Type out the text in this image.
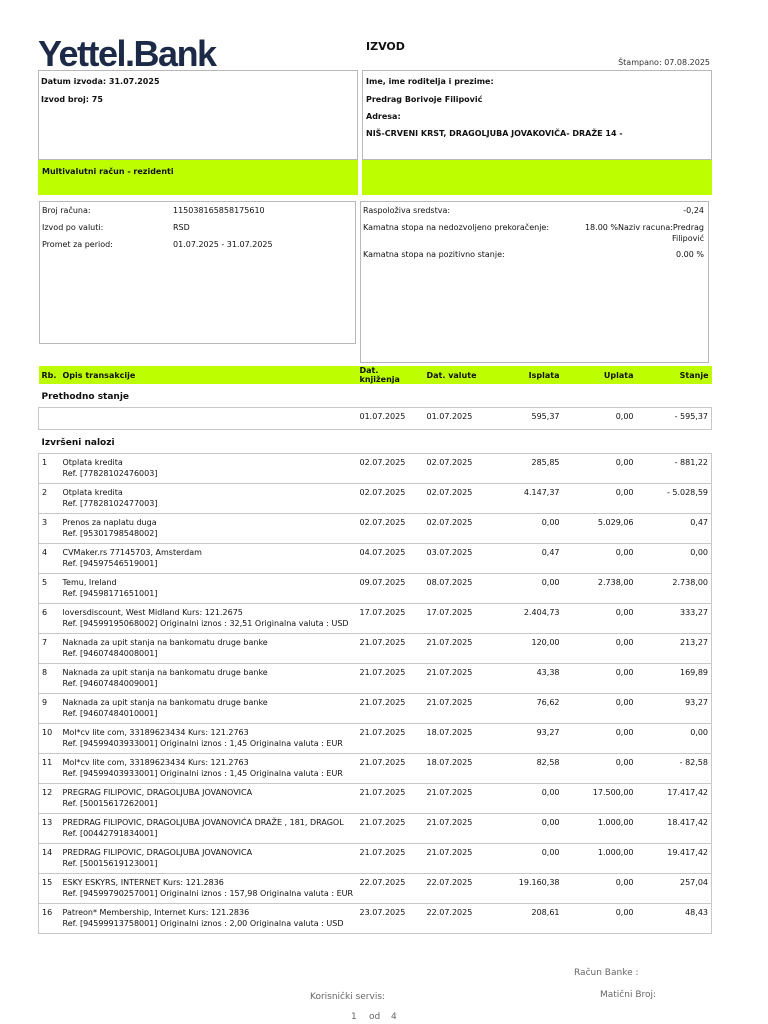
Yettel.Bank	IZVOD
Štampano: 07.08.2025
Datum izvoda: 31.07.2025
Izvod broj: 75
Ime, ime roditelja i prezime:
Predrag Borivoje Filipović
Adresa:
NIŠ-CRVENI KRST, DRAGOLJUBA JOVAKOVIČA- DRAŽE 14 -
Multivalutni račun - rezidenti
Broj računa:	115038165858175610
Izvod po valuti:	RSD
Promet za period:	01.07.2025 - 31.07.2025
Raspoloživa sredstva:	-0,24
Kamatna stopa na nedozvoljeno prekoračenje:	18.00 %Naziv racuna:Predrag
Filipović
Kamatna stopa na pozitivno stanje:	0.00 %
Rb.	Opis transakcije	Dat. knjiženja	Dat. valute	Isplata	Uplata	Stanje
Prethodno stanje						
		01.07.2025	01.07.2025	595,37	0,00	- 595,37
Izvršeni nalozi						
1	Otplata kredita
Ref. [77828102476003]	02.07.2025	02.07.2025	285,85	0,00	- 881,22
2	Otplata kredita
Ref. [77828102477003]	02.07.2025	02.07.2025	4.147,37	0,00	- 5.028,59
3	Prenos za naplatu duga
Ref. [95301798548002]	02.07.2025	02.07.2025	0,00	5.029,06	0,47
4	CVMaker.rs 77145703, Amsterdam
Ref. [94597546519001]	04.07.2025	03.07.2025	0,47	0,00	0,00
5	Temu, Ireland
Ref. [94598171651001]	09.07.2025	08.07.2025	0,00	2.738,00	2.738,00
6	loversdiscount, West Midland Kurs: 121.2675
Ref. [94599195068002] Originalni iznos : 32,51 Originalna valuta : USD	17.07.2025	17.07.2025	2.404,73	0,00	333,27
7	Naknada za upit stanja na bankomatu druge banke
Ref. [94607484008001]	21.07.2025	21.07.2025	120,00	0,00	213,27
8	Naknada za upit stanja na bankomatu druge banke
Ref. [94607484009001]	21.07.2025	21.07.2025	43,38	0,00	169,89
9	Naknada za upit stanja na bankomatu druge banke
Ref. [94607484010001]	21.07.2025	21.07.2025	76,62	0,00	93,27
10	Mol*cv lite com, 33189623434 Kurs: 121.2763
Ref. [94599403933001] Originalni iznos : 1,45 Originalna valuta : EUR	21.07.2025	18.07.2025	93,27	0,00	0,00
11	Mol*cv lite com, 33189623434 Kurs: 121.2763
Ref. [94599403933001] Originalni iznos : 1,45 Originalna valuta : EUR	21.07.2025	18.07.2025	82,58	0,00	- 82,58
12	PREGRAG FILIPOVIC, DRAGOLJUBA JOVANOVICA
Ref. [50015617262001]	21.07.2025	21.07.2025	0,00	17.500,00	17.417,42
13	PREDRAG FILIPOVIC, DRAGOLJUBA JOVANOVIĆA DRAŽE , 181, DRAGOL
Ref. [00442791834001]	21.07.2025	21.07.2025	0,00	1.000,00	18.417,42
14	PREDRAG FILIPOVIC, DRAGOLJUBA JOVANOVICA
Ref. [50015619123001]	21.07.2025	21.07.2025	0,00	1.000,00	19.417,42
15	ESKY ESKYRS, INTERNET Kurs: 121.2836
Ref. [94599790257001] Originalni iznos : 157,98 Originalna valuta : EUR	22.07.2025	22.07.2025	19.160,38	0,00	257,04
16	Patreon* Membership, Internet Kurs: 121.2836
Ref. [94599913758001] Originalni iznos : 2,00 Originalna valuta : USD	23.07.2025	22.07.2025	208,61	0,00	48,43
Račun Banke :
Korisnički servis:	Matični Broj:
1 od 4
